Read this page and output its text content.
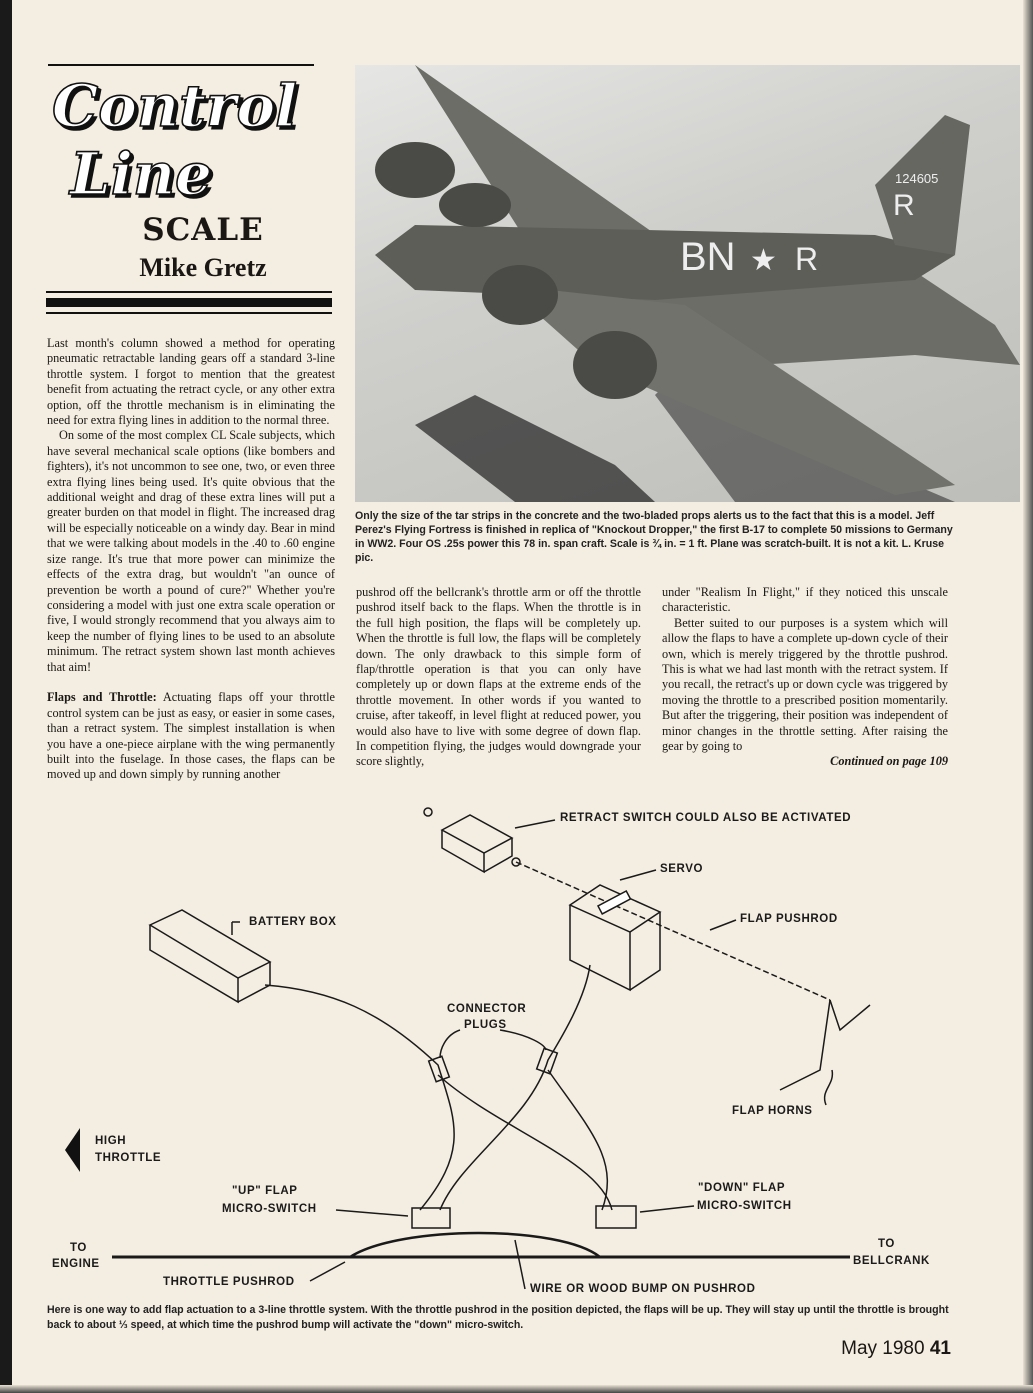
Control
Line
SCALE
Mike Gretz
124605
R
BN ★ R
Only the size of the tar strips in the concrete and the two-bladed props alerts us to the fact that this is a model. Jeff Perez's Flying Fortress is finished in replica of "Knockout Dropper," the first B-17 to complete 50 missions to Germany in WW2. Four OS .25s power this 78 in. span craft. Scale is ¾ in. = 1 ft. Plane was scratch-built. It is not a kit. L. Kruse pic.

Last month's column showed a method for operating pneumatic retractable landing gears off a standard 3-line throttle system. I forgot to mention that the greatest benefit from actuating the retract cycle, or any other extra option, off the throttle mechanism is in eliminating the need for extra flying lines in addition to the normal three.

On some of the most complex CL Scale subjects, which have several mechanical scale options (like bombers and fighters), it's not uncommon to see one, two, or even three extra flying lines being used. It's quite obvious that the additional weight and drag of these extra lines will put a greater burden on that model in flight. The increased drag will be especially noticeable on a windy day. Bear in mind that we were talking about models in the .40 to .60 engine size range. It's true that more power can minimize the effects of the extra drag, but wouldn't "an ounce of prevention be worth a pound of cure?" Whether you're considering a model with just one extra scale operation or five, I would strongly recommend that you always aim to keep the number of flying lines to be used to an absolute minimum. The retract system shown last month achieves that aim!

Flaps and Throttle: Actuating flaps off your throttle control system can be just as easy, or easier in some cases, than a retract system. The simplest installation is when you have a one-piece airplane with the wing permanently built into the fuselage. In those cases, the flaps can be moved up and down simply by running another

pushrod off the bellcrank's throttle arm or off the throttle pushrod itself back to the flaps. When the throttle is in the full high position, the flaps will be completely up. When the throttle is full low, the flaps will be completely down. The only drawback to this simple form of flap/throttle operation is that you can only have completely up or down flaps at the extreme ends of the throttle movement. In other words if you wanted to cruise, after takeoff, in level flight at reduced power, you would also have to live with some degree of down flap. In competition flying, the judges would downgrade your score slightly,

under "Realism In Flight," if they noticed this unscale characteristic.

Better suited to our purposes is a system which will allow the flaps to have a complete up-down cycle of their own, which is merely triggered by the throttle pushrod. This is what we had last month with the retract system. If you recall, the retract's up or down cycle was triggered by moving the throttle to a prescribed position momentarily. But after the triggering, their position was independent of minor changes in the throttle setting. After raising the gear by going to

Continued on page 109
RETRACT SWITCH COULD ALSO BE ACTIVATED
SERVO
BATTERY BOX	FLAP PUSHROD
CONNECTOR
PLUGS
FLAP HORNS
HIGH
THROTTLE
"UP" FLAP
MICRO-SWITCH
"DOWN" FLAP
MICRO-SWITCH
TO
ENGINE
TO
BELLCRANK
THROTTLE PUSHROD
WIRE OR WOOD BUMP ON PUSHROD
Here is one way to add flap actuation to a 3-line throttle system. With the throttle pushrod in the position depicted, the flaps will be up. They will stay up until the throttle is brought back to about ⅓ speed, at which time the pushrod bump will activate the "down" micro-switch.
May 1980 41
